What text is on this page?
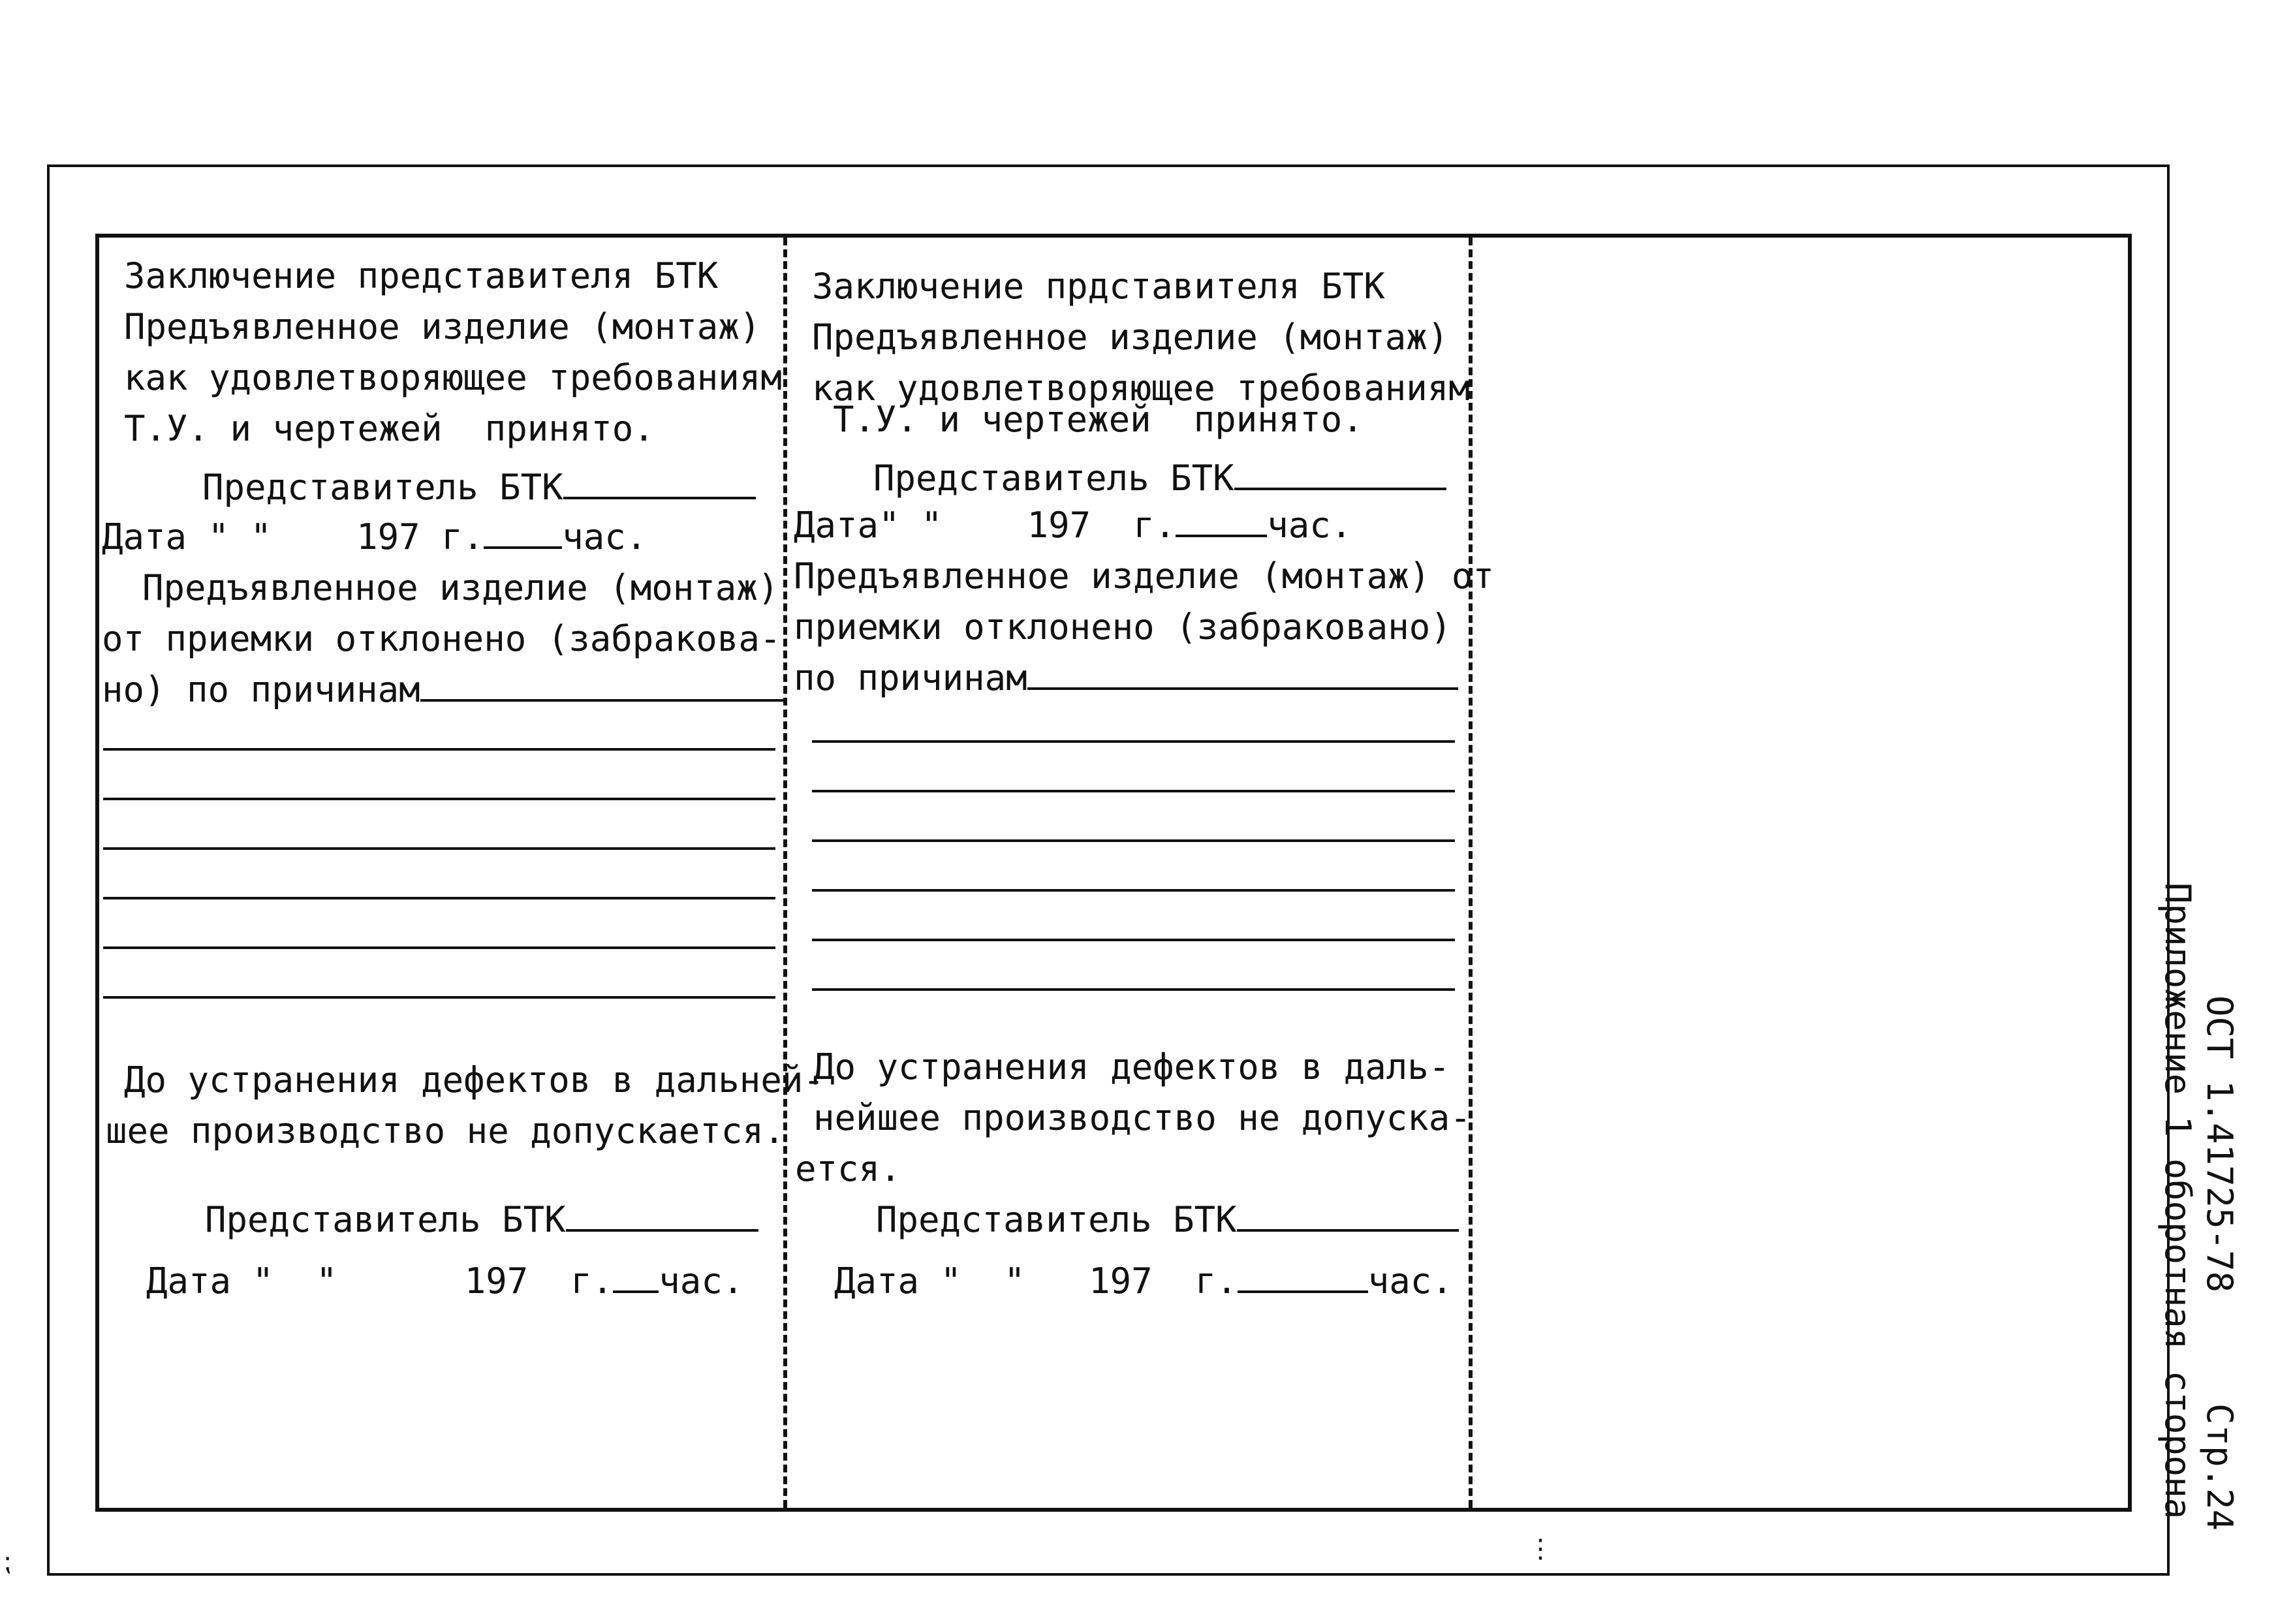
Заключение представителя БТК
Предъявленное изделие (монтаж)
как удовлетворяющее требованиям
Т.У. и чертежей  принято.
Представитель БТК
Дата " " 197 г. час.
Предъявленное изделие (монтаж)
от приемки отклонено (забракова-
но) по причинам
До устранения дефектов в дальней-
шее производство не допускается.
Представитель БТК
Дата "  "	197 г. час.
Заключение прдставителя БТК
Предъявленное изделие (монтаж)
как удовлетворяющее требованиям
Т.У. и чертежей  принято.
Представитель БТК
Дата" " 197 г.	час.
Предъявленное изделие (монтаж) от
приемки отклонено (забраковано)
по причинам
До устранения дефектов в даль-
нейшее производство не допуска-
ется.
Представитель БТК
Дата "  " 197 г.	час.	ОСТ 1.41725-78
Стр.24
Приложение 1 оборотная сторона
⋮
⁏
